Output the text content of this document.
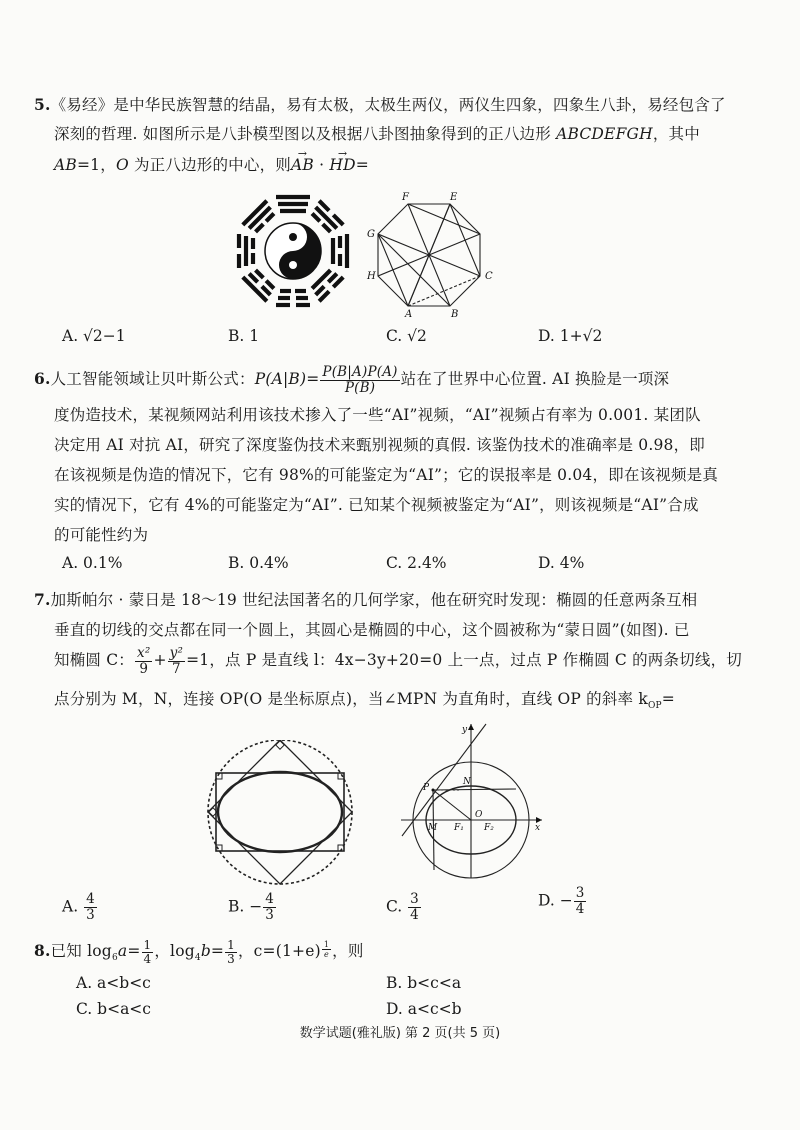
5.《易经》是中华民族智慧的结晶，易有太极，太极生两仪，两仪生四象，四象生八卦，易经包含了
深刻的哲理. 如图所示是八卦模型图以及根据八卦图抽象得到的正八边形 ABCDEFGH，其中
AB=1，O 为正八边形的中心，则→ AB · → HD=
F	E
G
H	C
A	B
A. √2−1	B. 1	C. √2	D. 1+√2
6.人工智能领域让贝叶斯公式：$P(A|B)= \frac{P(B|A)P(A)}{P(B)}$ 站在了世界中心位置. AI 换脸是一项深
度伪造技术，某视频网站利用该技术掺入了一些“AI”视频，“AI”视频占有率为 0.001. 某团队
决定用 AI 对抗 AI，研究了深度鉴伪技术来甄别视频的真假. 该鉴伪技术的准确率是 0.98，即
在该视频是伪造的情况下，它有 98%的可能鉴定为“AI”；它的误报率是 0.04，即在该视频是真
实的情况下，它有 4%的可能鉴定为“AI”. 已知某个视频被鉴定为“AI”，则该视频是“AI”合成
的可能性约为
A. 0.1%	B. 0.4%	C. 2.4%	D. 4%
7.加斯帕尔 · 蒙日是 18～19 世纪法国著名的几何学家，他在研究时发现：椭圆的任意两条互相
垂直的切线的交点都在同一个圆上，其圆心是椭圆的中心，这个圆被称为“蒙日圆”(如图). 已
知椭圆 C： $\frac{\text{x²}}{9} + \frac{\text{y²}}{7} =1$，点 P 是直线 l：4x−3y+20=0 上一点，过点 P 作椭圆 C 的两条切线，切
点分别为 M，N，连接 OP(O 是坐标原点)，当∠MPN 为直角时，直线 OP 的斜率 $k_{OP}=$
y
P
N
O
M F₁ F₂	x
A. $\frac{4}{3}$	B. − $\frac{4}{3}$	C. $\frac{3}{4}$	D. − $\frac{3}{4}$
8.已知 $\log_6a= \frac{1}{4}$ ，$\log_4b= \frac{1}{3}$ ，c=(1+e) $^{\frac{1}{e}}$ ，则
A. a<b<c	B. b<c<a
C. b<a<c	D. a<c<b
数学试题(雅礼版) 第 2 页(共 5 页)
